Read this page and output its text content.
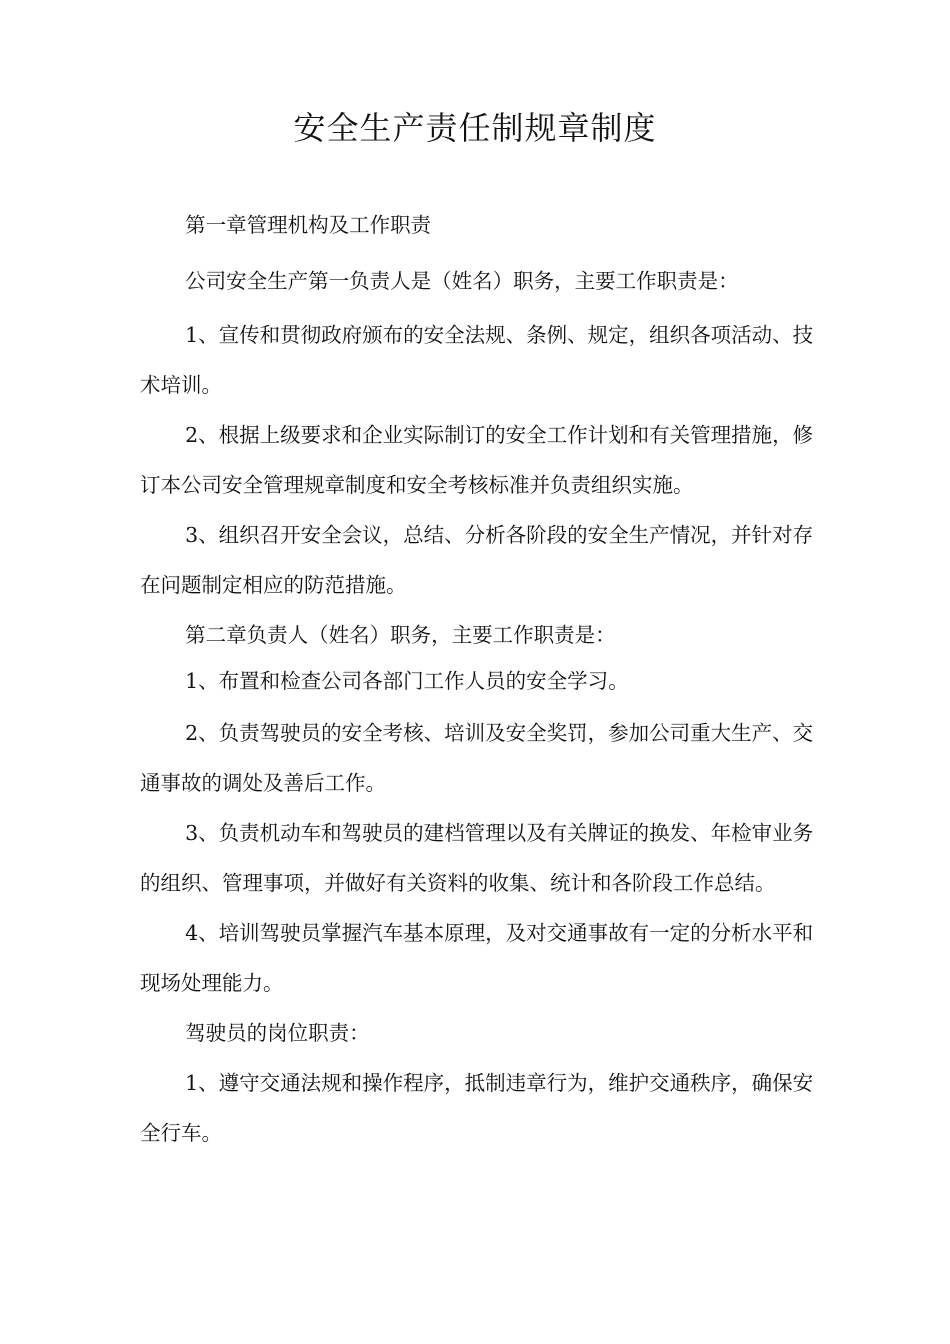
安全生产责任制规章制度

第一章管理机构及工作职责

公司安全生产第一负责人是（姓名）职务，主要工作职责是：

1、宣传和贯彻政府颁布的安全法规、条例、规定，组织各项活动、技术培训。

2、根据上级要求和企业实际制订的安全工作计划和有关管理措施，修订本公司安全管理规章制度和安全考核标准并负责组织实施。

3、组织召开安全会议，总结、分析各阶段的安全生产情况，并针对存在问题制定相应的防范措施。

第二章负责人（姓名）职务，主要工作职责是：

1、布置和检查公司各部门工作人员的安全学习。

2、负责驾驶员的安全考核、培训及安全奖罚，参加公司重大生产、交通事故的调处及善后工作。

3、负责机动车和驾驶员的建档管理以及有关牌证的换发、年检审业务的组织、管理事项，并做好有关资料的收集、统计和各阶段工作总结。

4、培训驾驶员掌握汽车基本原理，及对交通事故有一定的分析水平和现场处理能力。

驾驶员的岗位职责：

1、遵守交通法规和操作程序，抵制违章行为，维护交通秩序，确保安全行车。
